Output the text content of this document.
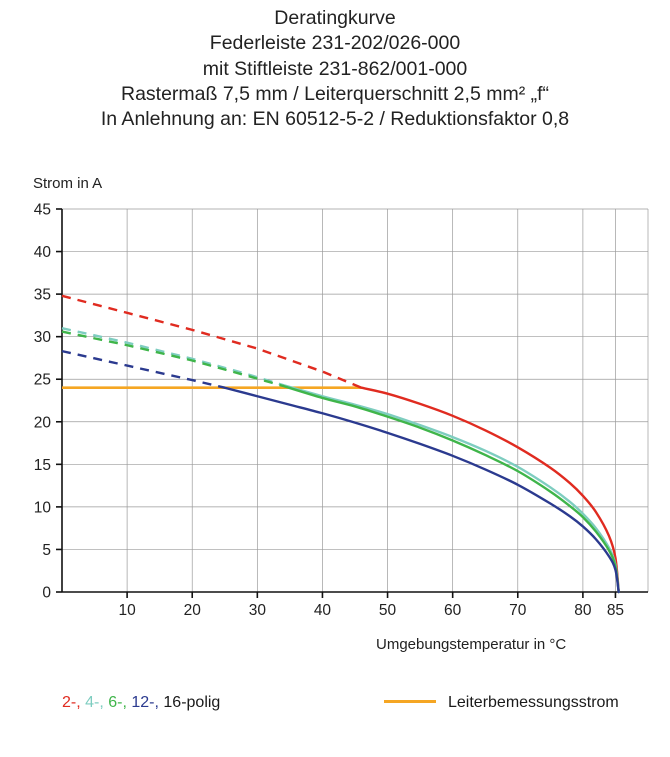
Deratingkurve
Federleiste 231-202/026-000
mit Stiftleiste 231-862/001-000
Rastermaß 7,5 mm / Leiterquerschnitt 2,5 mm² „f“
In Anlehnung an: EN 60512-5-2 / Reduktionsfaktor 0,8
Strom in A
Umgebungstemperatur in °C
0
5
10
15
20
25
30
35
40
45
10	20	30	40	50	60	70	80 85
2-, 4-, 6-, 12-, 16-polig	Leiterbemessungsstrom
